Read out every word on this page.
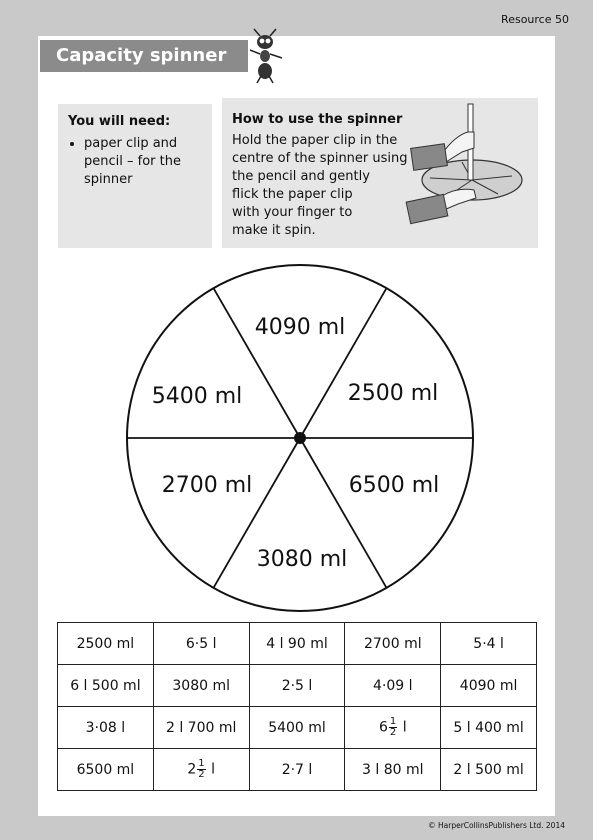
Resource 50
Capacity spinner
You will need:
• paper clip and pencil – for the spinner
How to use the spinner
Hold the paper clip in the
centre of the spinner using
the pencil and gently
flick the paper clip
with your finger to
make it spin.
4090 ml
2500 ml
6500 ml
3080 ml
2700 ml
5400 ml
2500 ml	6·5 l	4 l 90 ml	2700 ml	5·4 l
6 l 500 ml	3080 ml	2·5 l	4·09 l	4090 ml
3·08 l	2 l 700 ml	5400 ml	$6 \frac{1}{2}$ l	5 l 400 ml
6500 ml	$2 \frac{1}{2}$ l	2·7 l	3 l 80 ml	2 l 500 ml
© HarperCollinsPublishers Ltd. 2014
